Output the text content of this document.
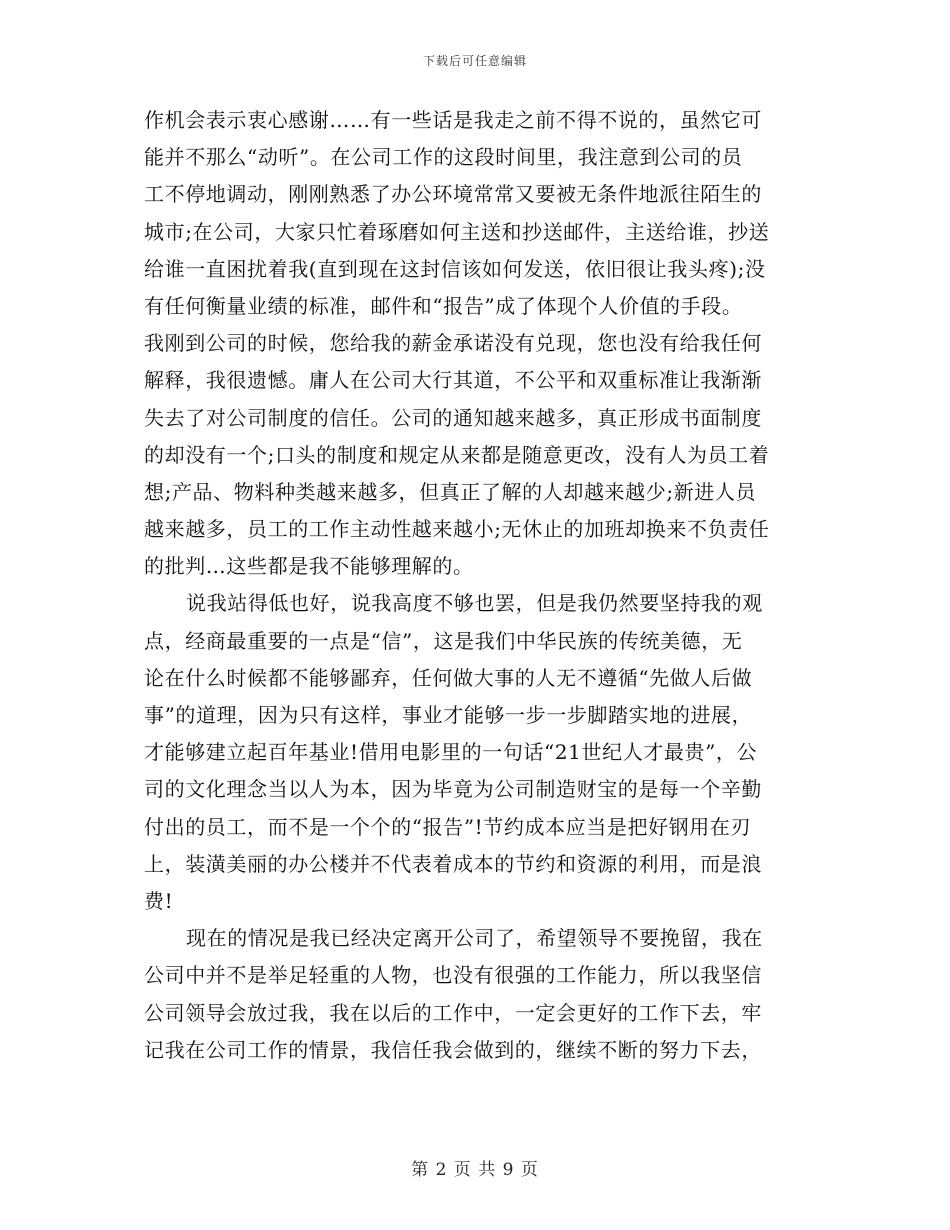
下载后可任意编辑
作机会表示衷心感谢……有一些话是我走之前不得不说的，虽然它可
能并不那么“动听”。在公司工作的这段时间里，我注意到公司的员
工不停地调动，刚刚熟悉了办公环境常常又要被无条件地派往陌生的
城市;在公司，大家只忙着琢磨如何主送和抄送邮件，主送给谁，抄送
给谁一直困扰着我(直到现在这封信该如何发送，依旧很让我头疼);没
有任何衡量业绩的标准，邮件和“报告”成了体现个人价值的手段。
我刚到公司的时候，您给我的薪金承诺没有兑现，您也没有给我任何
解释，我很遗憾。庸人在公司大行其道，不公平和双重标准让我渐渐
失去了对公司制度的信任。公司的通知越来越多，真正形成书面制度
的却没有一个;口头的制度和规定从来都是随意更改，没有人为员工着
想;产品、物料种类越来越多，但真正了解的人却越来越少;新进人员
越来越多，员工的工作主动性越来越小;无休止的加班却换来不负责任
的批判…这些都是我不能够理解的。
说我站得低也好，说我高度不够也罢，但是我仍然要坚持我的观
点，经商最重要的一点是“信”，这是我们中华民族的传统美德，无
论在什么时候都不能够鄙弃，任何做大事的人无不遵循“先做人后做
事”的道理，因为只有这样，事业才能够一步一步脚踏实地的进展，
才能够建立起百年基业!借用电影里的一句话“21世纪人才最贵”，公
司的文化理念当以人为本，因为毕竟为公司制造财宝的是每一个辛勤
付出的员工，而不是一个个的“报告”!节约成本应当是把好钢用在刃
上，装潢美丽的办公楼并不代表着成本的节约和资源的利用，而是浪
费!
现在的情况是我已经决定离开公司了，希望领导不要挽留，我在
公司中并不是举足轻重的人物，也没有很强的工作能力，所以我坚信
公司领导会放过我，我在以后的工作中，一定会更好的工作下去，牢
记我在公司工作的情景，我信任我会做到的，继续不断的努力下去，
第 2 页 共 9 页
